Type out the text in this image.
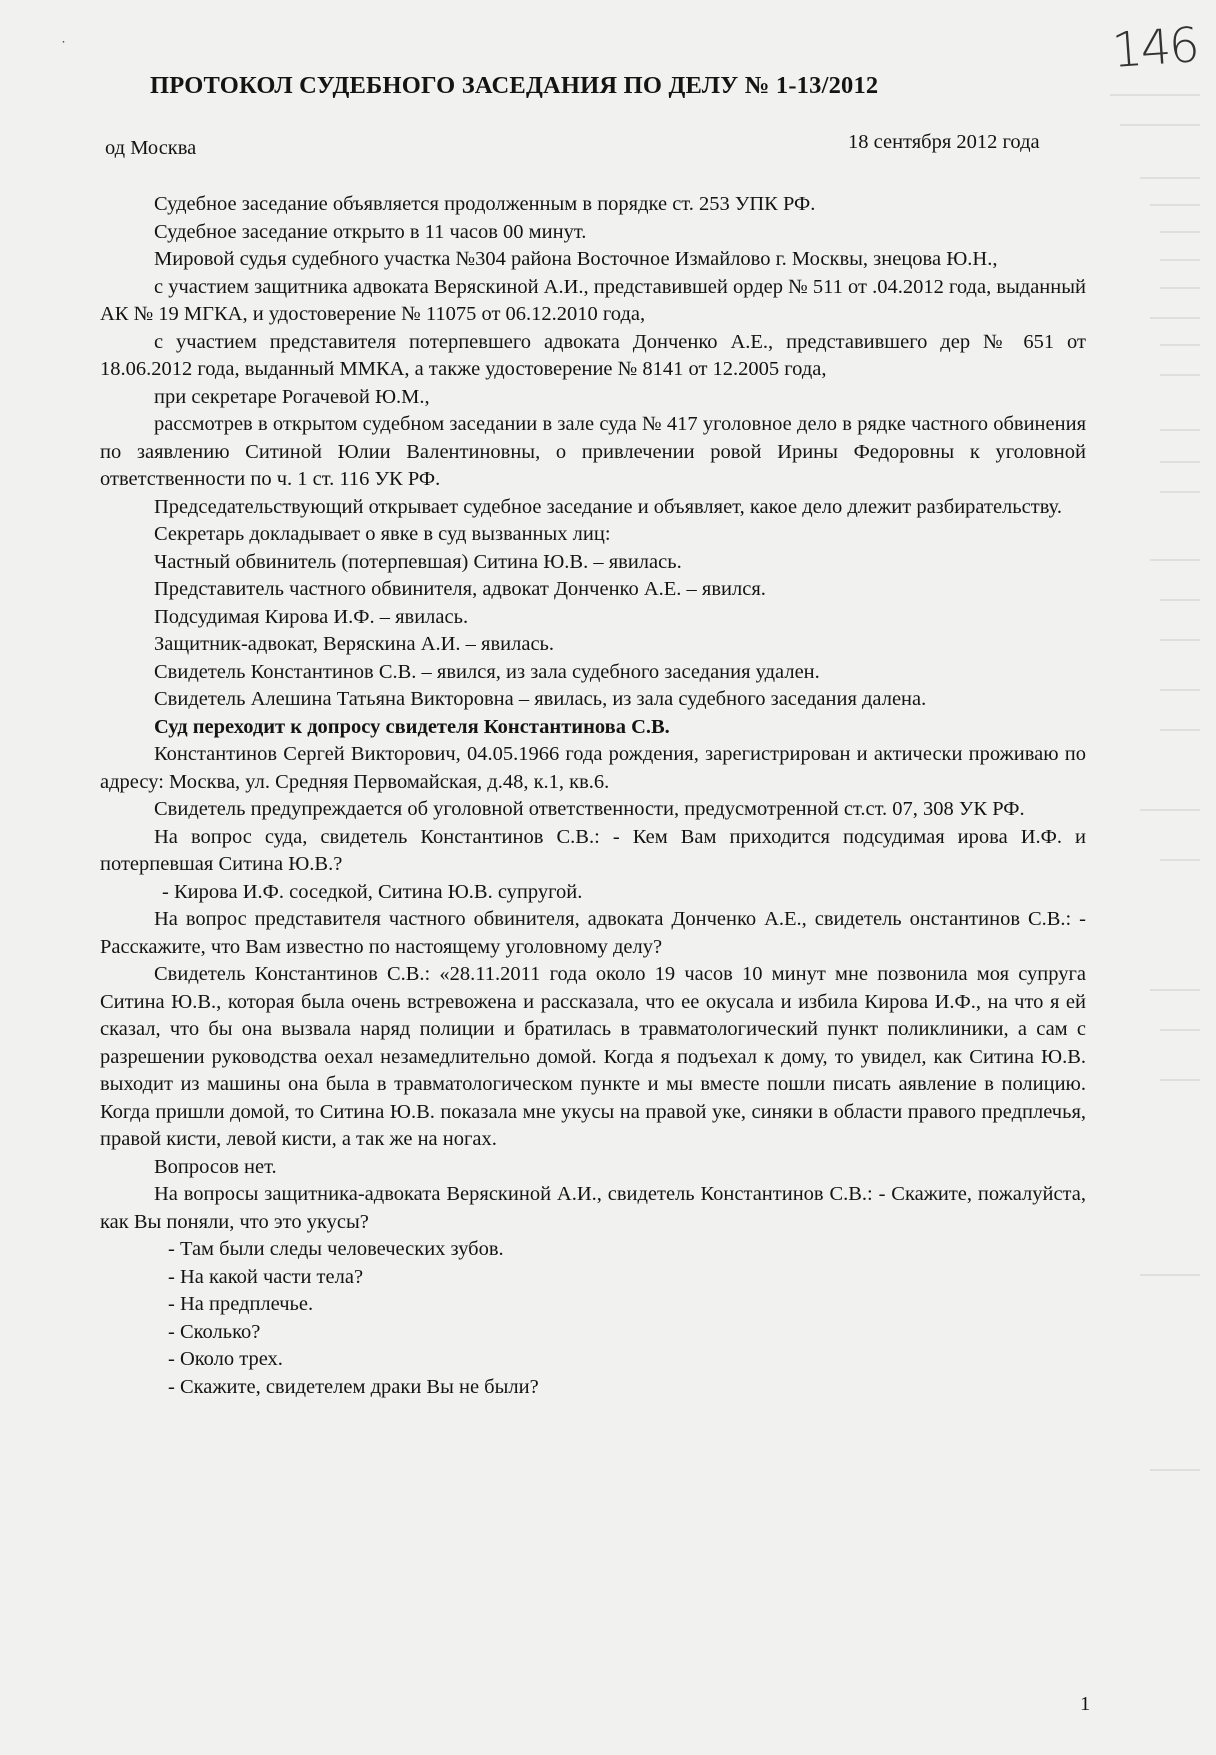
146
˙
ПРОТОКОЛ СУДЕБНОГО ЗАСЕДАНИЯ ПО ДЕЛУ № 1-13/2012
од Москва	18 сентября 2012 года

Судебное заседание объявляется продолженным в порядке ст. 253 УПК РФ.

Судебное заседание открыто в 11 часов 00 минут.

Мировой судья судебного участка №304 района Восточное Измайлово г. Москвы, знецова Ю.Н.,

с участием защитника адвоката Веряскиной А.И., представившей ордер № 511 от .04.2012 года, выданный АК № 19 МГКА, и удостоверение № 11075 от 06.12.2010 года,

с участием представителя потерпевшего адвоката Донченко А.Е., представившего дер № 651 от 18.06.2012 года, выданный ММКА, а также удостоверение № 8141 от 12.2005 года,

при секретаре Рогачевой Ю.М.,

рассмотрев в открытом судебном заседании в зале суда № 417 уголовное дело в рядке частного обвинения по заявлению Ситиной Юлии Валентиновны, о привлечении ровой Ирины Федоровны к уголовной ответственности по ч. 1 ст. 116 УК РФ.

Председательствующий открывает судебное заседание и объявляет, какое дело длежит разбирательству.

Секретарь докладывает о явке в суд вызванных лиц:

Частный обвинитель (потерпевшая) Ситина Ю.В. – явилась.

Представитель частного обвинителя, адвокат Донченко А.Е. – явился.

Подсудимая Кирова И.Ф. – явилась.

Защитник-адвокат, Веряскина А.И. – явилась.

Свидетель Константинов С.В. – явился, из зала судебного заседания удален.

Свидетель Алешина Татьяна Викторовна – явилась, из зала судебного заседания далена.

Суд переходит к допросу свидетеля Константинова С.В.

Константинов Сергей Викторович, 04.05.1966 года рождения, зарегистрирован и актически проживаю по адресу: Москва, ул. Средняя Первомайская, д.48, к.1, кв.6.

Свидетель предупреждается об уголовной ответственности, предусмотренной ст.ст. 07, 308 УК РФ.

На вопрос суда, свидетель Константинов С.В.: - Кем Вам приходится подсудимая ирова И.Ф. и потерпевшая Ситина Ю.В.?

- Кирова И.Ф. соседкой, Ситина Ю.В. супругой.

На вопрос представителя частного обвинителя, адвоката Донченко А.Е., свидетель онстантинов С.В.: - Расскажите, что Вам известно по настоящему уголовному делу?

Свидетель Константинов С.В.: «28.11.2011 года около 19 часов 10 минут мне позвонила моя супруга Ситина Ю.В., которая была очень встревожена и рассказала, что ее окусала и избила Кирова И.Ф., на что я ей сказал, что бы она вызвала наряд полиции и братилась в травматологический пункт поликлиники, а сам с разрешении руководства оехал незамедлительно домой. Когда я подъехал к дому, то увидел, как Ситина Ю.В. выходит из машины она была в травматологическом пункте и мы вместе пошли писать аявление в полицию. Когда пришли домой, то Ситина Ю.В. показала мне укусы на правой уке, синяки в области правого предплечья, правой кисти, левой кисти, а так же на ногах.

Вопросов нет.

На вопросы защитника-адвоката Веряскиной А.И., свидетель Константинов С.В.: - Скажите, пожалуйста, как Вы поняли, что это укусы?

- Там были следы человеческих зубов.

- На какой части тела?

- На предплечье.

- Сколько?

- Около трех.

- Скажите, свидетелем драки Вы не были?

1
